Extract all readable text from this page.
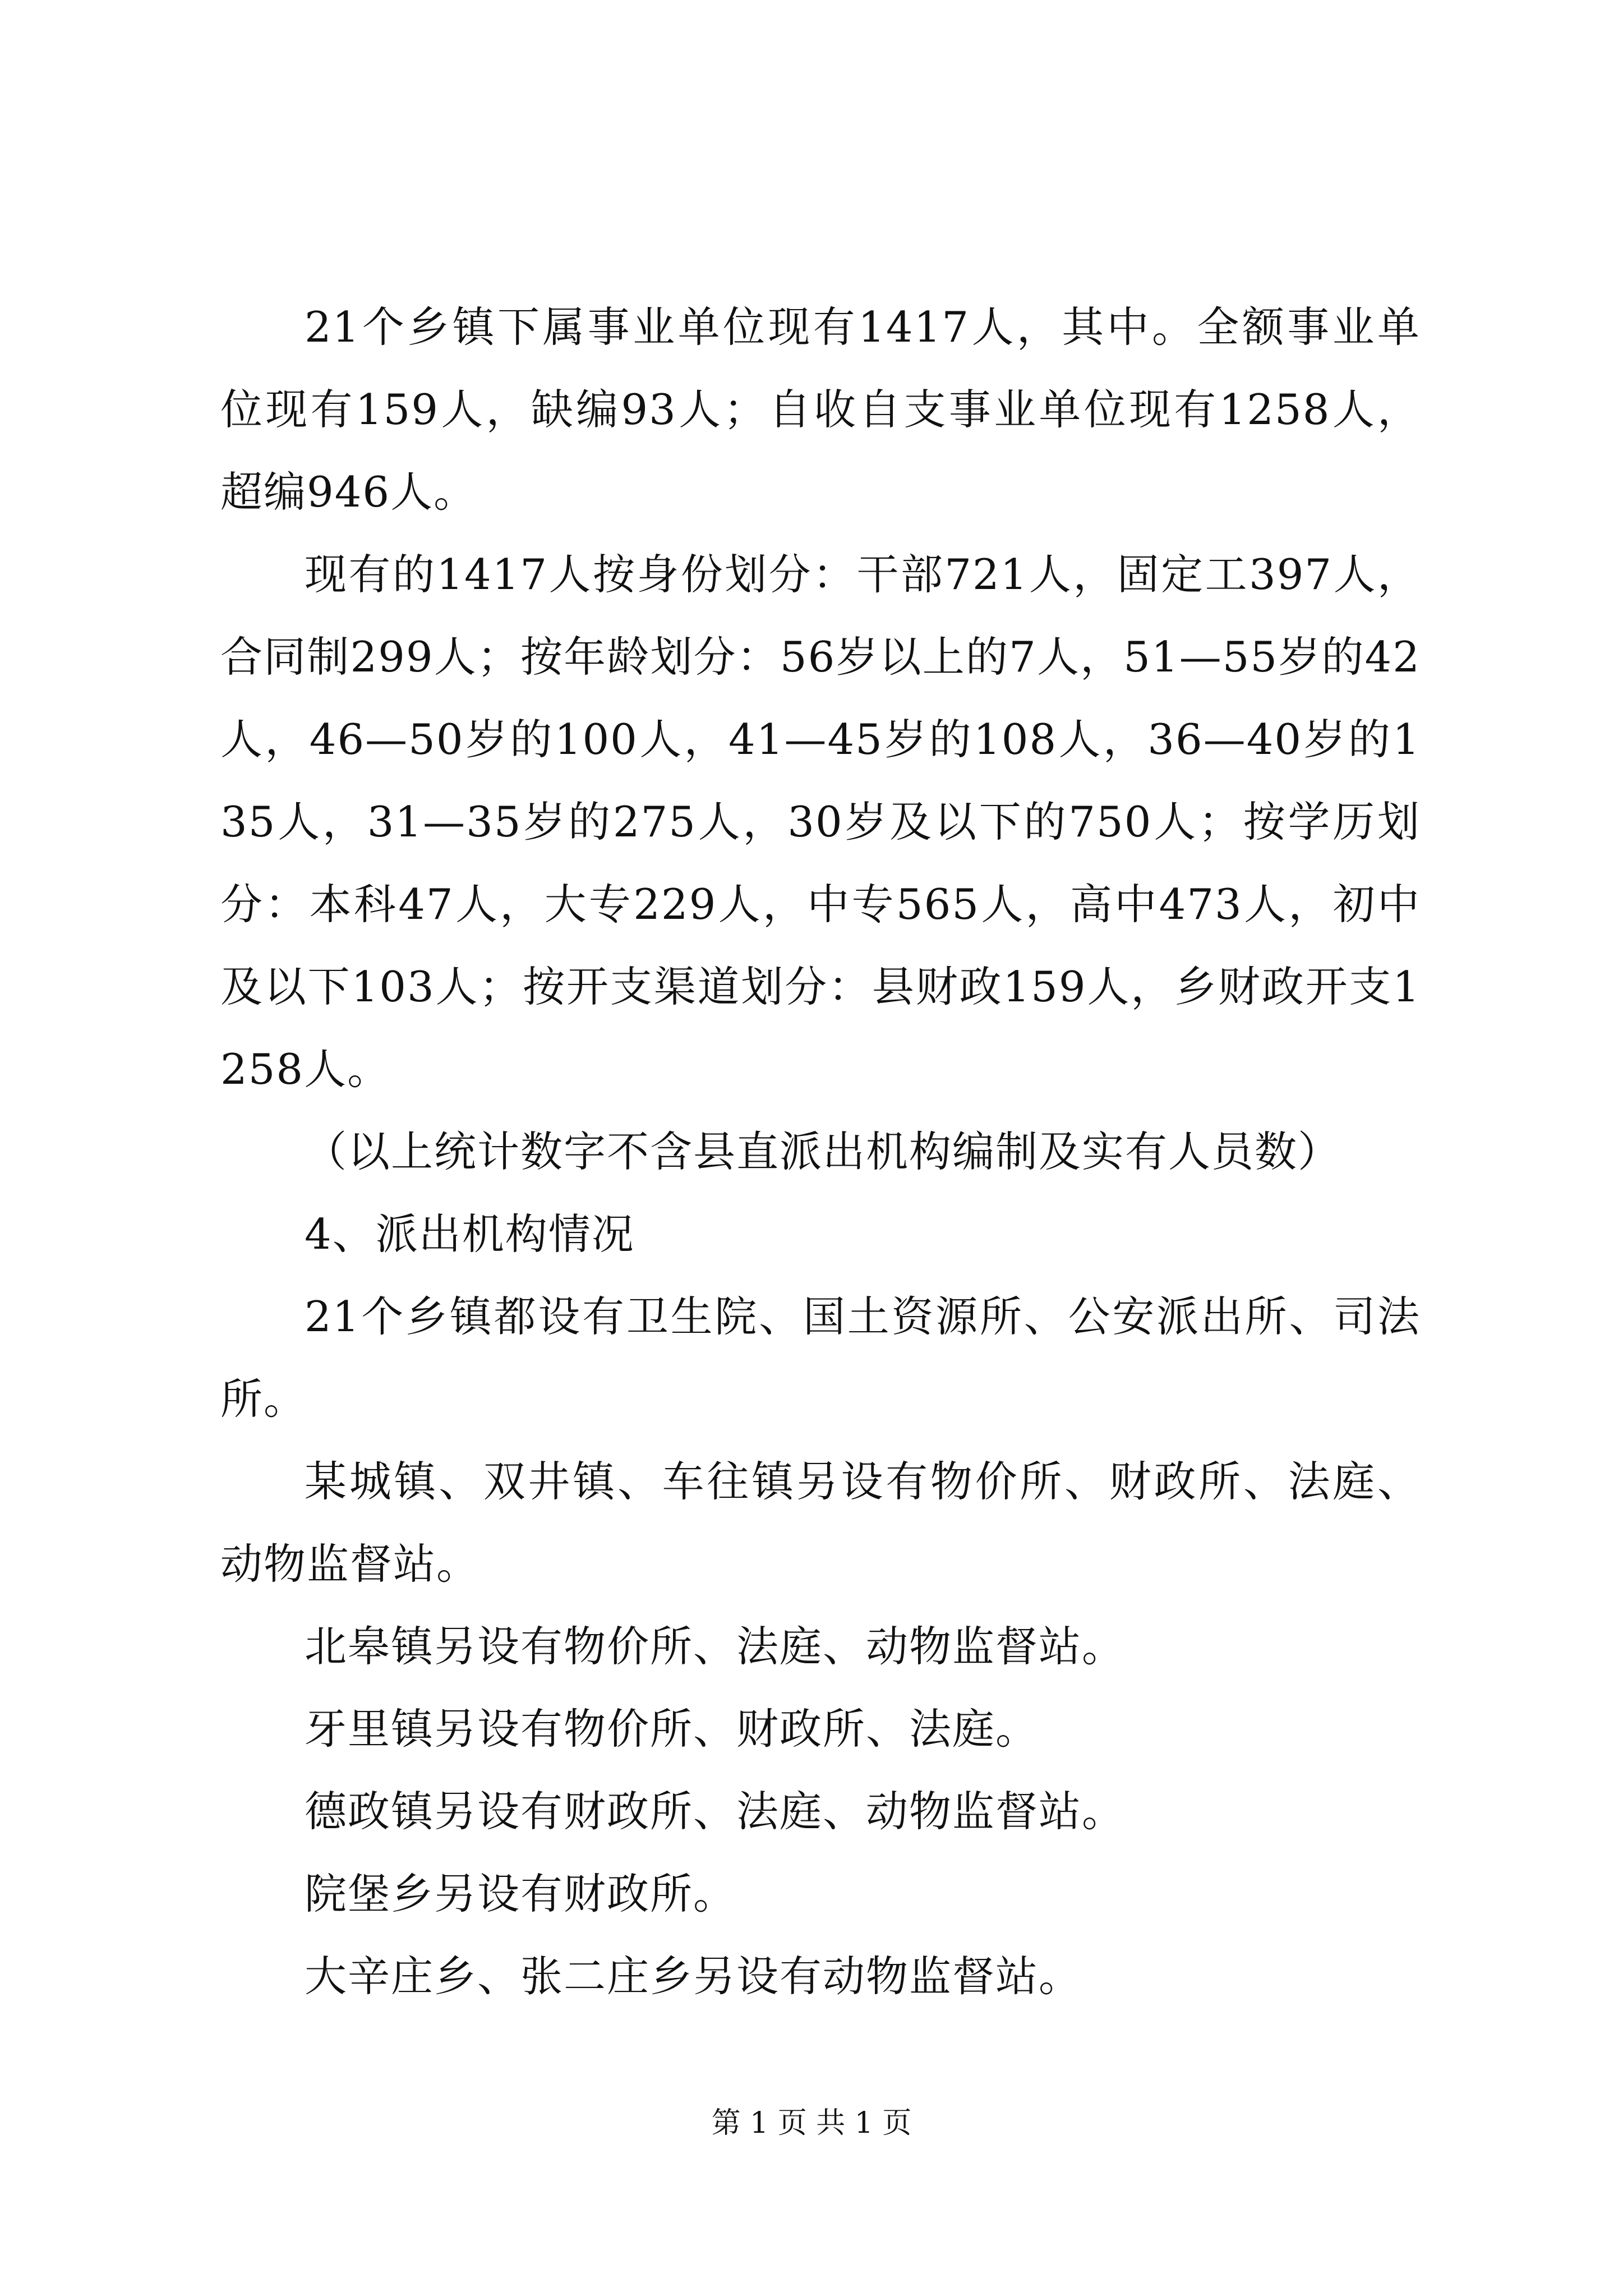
21个乡镇下属事业单位现有1417人，其中。全额事业单位现有159人，缺编93人；自收自支事业单位现有1258人，超编946人。

现有的1417人按身份划分：干部721人，固定工397人，合同制299人；按年龄划分：56岁以上的7人，51—55岁的42人，46—50岁的100人，41—45岁的108人，36—40岁的135人，31—35岁的275人，30岁及以下的750人；按学历划分：本科47人，大专229人，中专565人，高中473人，初中及以下103人；按开支渠道划分：县财政159人，乡财政开支1258人。

（以上统计数字不含县直派出机构编制及实有人员数）

4、派出机构情况

21个乡镇都设有卫生院、国土资源所、公安派出所、司法所。

某城镇、双井镇、车往镇另设有物价所、财政所、法庭、动物监督站。

北皋镇另设有物价所、法庭、动物监督站。

牙里镇另设有物价所、财政所、法庭。

德政镇另设有财政所、法庭、动物监督站。

院堡乡另设有财政所。

大辛庄乡、张二庄乡另设有动物监督站。

第 1 页 共 1 页
